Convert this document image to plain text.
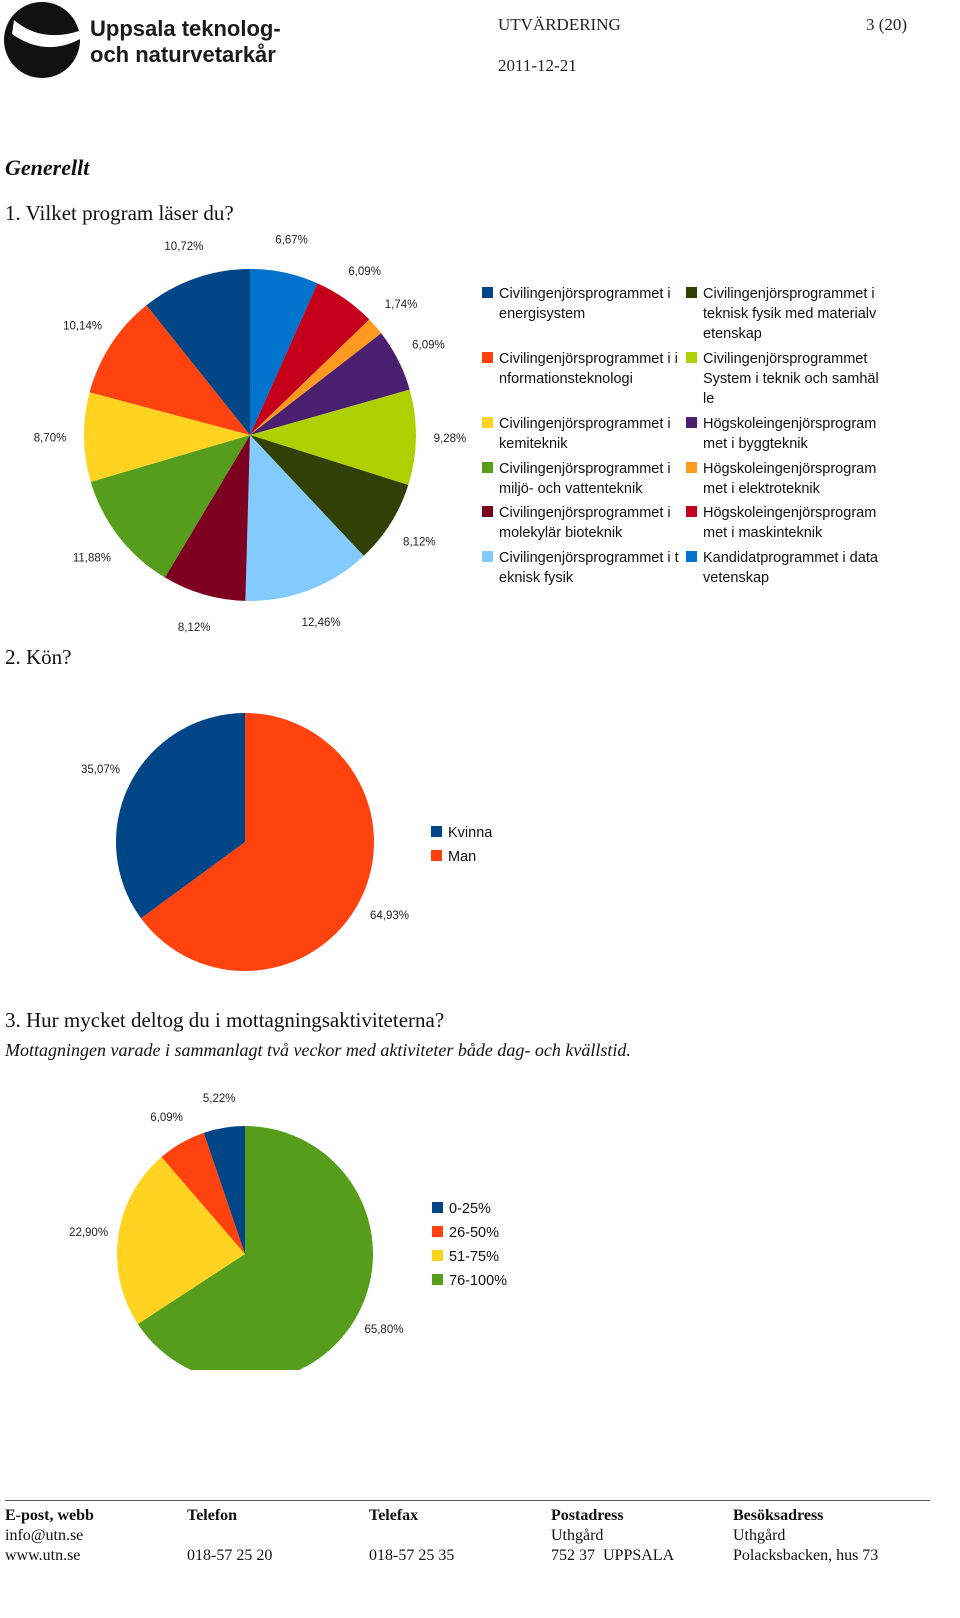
Uppsala teknolog-
och naturvetarkår
UTVÄRDERING	3 (20)
2011-12-21
Generellt
1. Vilket program läser du?
6,67%
6,09%
1,74%
6,09%
9,28%
8,12%
12,46%
8,12%
11,88%
8,70%
10,14%
10,72%
Civilingenjörsprogrammet i energisystem
Civilingenjörsprogrammet i informationsteknologi
Civilingenjörsprogrammet i kemiteknik
Civilingenjörsprogrammet i miljö- och vattenteknik
Civilingenjörsprogrammet i molekylär bioteknik
Civilingenjörsprogrammet i teknisk fysik
Civilingenjörsprogrammet i teknisk fysik med materialvetenskap
Civilingenjörsprogrammet System i teknik och samhälle
Högskoleingenjörsprogrammet i byggteknik
Högskoleingenjörsprogrammet i elektroteknik
Högskoleingenjörsprogrammet i maskinteknik
Kandidatprogrammet i datavetenskap
2. Kön?
64,93%
35,07%
Kvinna
Man
3. Hur mycket deltog du i mottagningsaktiviteterna?
Mottagningen varade i sammanlagt två veckor med aktiviteter både dag- och kvällstid.
65,80%
22,90%
6,09%
5,22%
0-25%
26-50%
51-75%
76-100%
E-post, webb
info@utn.se
www.utn.se
Telefon
018-57 25 20
Telefax
018-57 25 35
Postadress
Uthgård
752 37  UPPSALA
Besöksadress
Uthgård
Polacksbacken, hus 73
